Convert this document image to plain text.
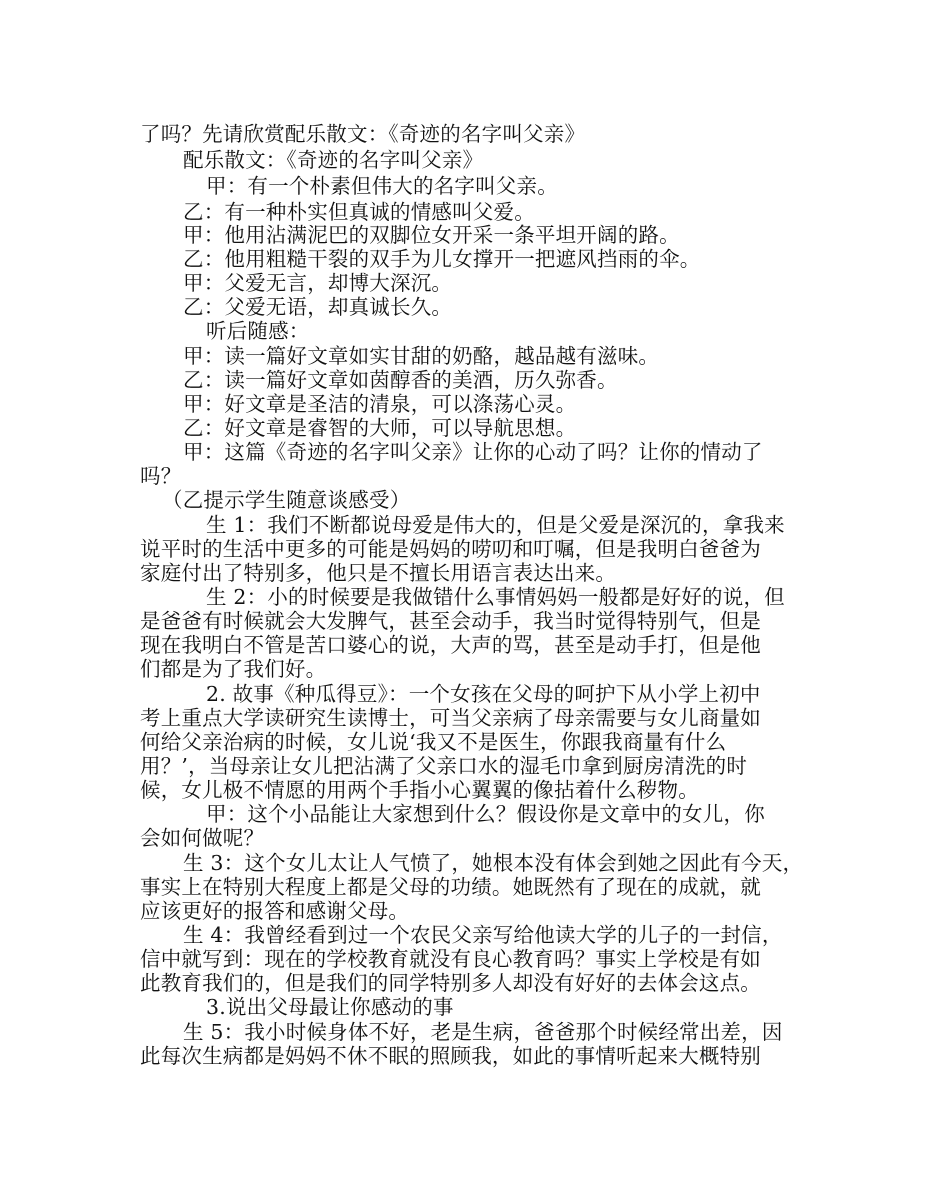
了吗？先请欣赏配乐散文：《奇迹的名字叫父亲》
配乐散文：《奇迹的名字叫父亲》
甲：有一个朴素但伟大的名字叫父亲。
乙：有一种朴实但真诚的情感叫父爱。
甲：他用沾满泥巴的双脚位女开采一条平坦开阔的路。
乙：他用粗糙干裂的双手为儿女撑开一把遮风挡雨的伞。
甲：父爱无言，却博大深沉。
乙：父爱无语，却真诚长久。
听后随感：
甲：读一篇好文章如实甘甜的奶酪，越品越有滋味。
乙：读一篇好文章如茵醇香的美酒，历久弥香。
甲：好文章是圣洁的清泉，可以涤荡心灵。
乙：好文章是睿智的大师，可以导航思想。
甲：这篇《奇迹的名字叫父亲》让你的心动了吗？让你的情动了
吗？
（乙提示学生随意谈感受）
生 1：我们不断都说母爱是伟大的，但是父爱是深沉的，拿我来
说平时的生活中更多的可能是妈妈的唠叨和叮嘱，但是我明白爸爸为
家庭付出了特别多，他只是不擅长用语言表达出来。
生 2：小的时候要是我做错什么事情妈妈一般都是好好的说，但
是爸爸有时候就会大发脾气，甚至会动手，我当时觉得特别气，但是
现在我明白不管是苦口婆心的说，大声的骂，甚至是动手打，但是他
们都是为了我们好。
2. 故事《种瓜得豆》：一个女孩在父母的呵护下从小学上初中
考上重点大学读研究生读博士，可当父亲病了母亲需要与女儿商量如
何给父亲治病的时候，女儿说‘我又不是医生，你跟我商量有什么
用？’，当母亲让女儿把沾满了父亲口水的湿毛巾拿到厨房清洗的时
候，女儿极不情愿的用两个手指小心翼翼的像拈着什么秽物。
甲：这个小品能让大家想到什么？假设你是文章中的女儿，你
会如何做呢？
生 3：这个女儿太让人气愤了，她根本没有体会到她之因此有今天，
事实上在特别大程度上都是父母的功绩。她既然有了现在的成就，就
应该更好的报答和感谢父母。
生 4：我曾经看到过一个农民父亲写给他读大学的儿子的一封信，
信中就写到：现在的学校教育就没有良心教育吗？事实上学校是有如
此教育我们的，但是我们的同学特别多人却没有好好的去体会这点。
3.说出父母最让你感动的事
生 5：我小时候身体不好，老是生病，爸爸那个时候经常出差，因
此每次生病都是妈妈不休不眠的照顾我，如此的事情听起来大概特别
